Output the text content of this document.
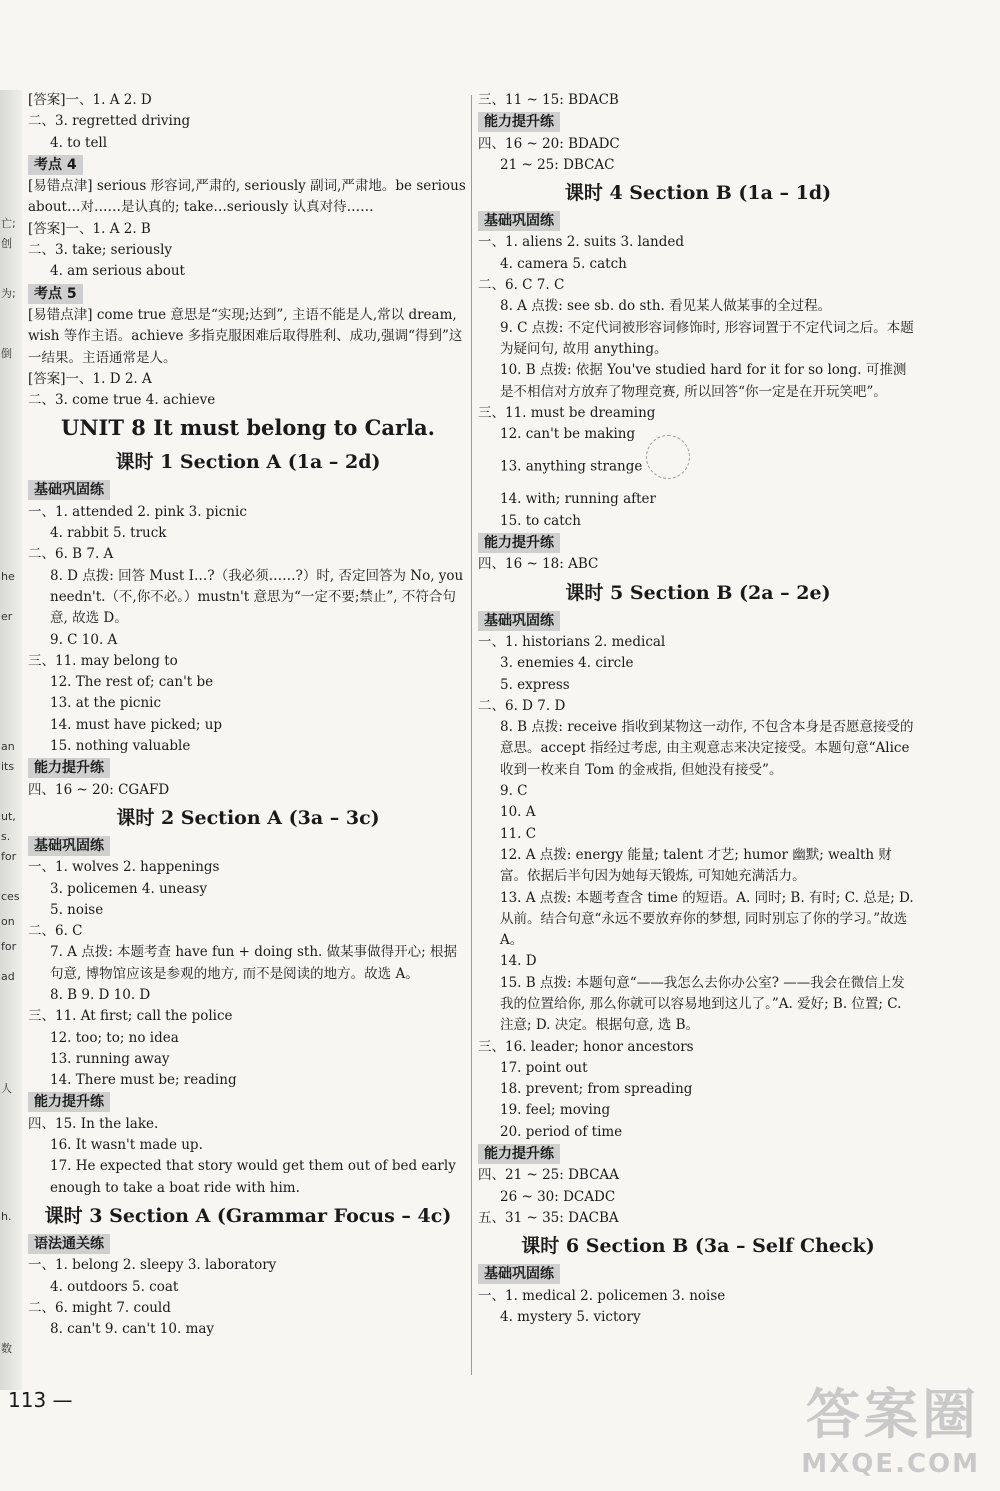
亡;
创
为;
倒
he
er
an
its
ut,
s.
for
ces
on
for
ad
人
h.
数
[答案]一、1. A 2. D
二、3. regretted driving
4. to tell
考点 4
[易错点津] serious 形容词,严肃的, seriously 副词,严肃地。be serious about…对……是认真的; take…seriously 认真对待……
[答案]一、1. A 2. B
二、3. take; seriously
4. am serious about
考点 5
[易错点津] come true 意思是“实现;达到”, 主语不能是人,常以 dream, wish 等作主语。achieve 多指克服困难后取得胜利、成功,强调“得到”这一结果。主语通常是人。
[答案]一、1. D 2. A
二、3. come true 4. achieve
UNIT 8 It must belong to Carla.
课时 1 Section A (1a – 2d)
基础巩固练
一、1. attended 2. pink 3. picnic
4. rabbit 5. truck
二、6. B 7. A
8. D 点拨: 回答 Must I…?（我必须……?）时, 否定回答为 No, you needn't.（不,你不必。）mustn't 意思为“一定不要;禁止”, 不符合句意, 故选 D。
9. C 10. A
三、11. may belong to
12. The rest of; can't be
13. at the picnic
14. must have picked; up
15. nothing valuable
能力提升练
四、16 ~ 20: CGAFD
课时 2 Section A (3a – 3c)
基础巩固练
一、1. wolves 2. happenings
3. policemen 4. uneasy
5. noise
二、6. C
7. A 点拨: 本题考查 have fun + doing sth. 做某事做得开心; 根据句意, 博物馆应该是参观的地方, 而不是阅读的地方。故选 A。
8. B 9. D 10. D
三、11. At first; call the police
12. too; to; no idea
13. running away
14. There must be; reading
能力提升练
四、15. In the lake.
16. It wasn't made up.
17. He expected that story would get them out of bed early enough to take a boat ride with him.
课时 3 Section A (Grammar Focus – 4c)
语法通关练
一、1. belong 2. sleepy 3. laboratory
4. outdoors 5. coat
二、6. might 7. could
8. can't 9. can't 10. may
三、11 ~ 15: BDACB
能力提升练
四、16 ~ 20: BDADC
21 ~ 25: DBCAC
课时 4 Section B (1a – 1d)
基础巩固练
一、1. aliens 2. suits 3. landed
4. camera 5. catch
二、6. C 7. C
8. A 点拨: see sb. do sth. 看见某人做某事的全过程。
9. C 点拨: 不定代词被形容词修饰时, 形容词置于不定代词之后。本题为疑问句, 故用 anything。
10. B 点拨: 依据 You've studied hard for it for so long. 可推测是不相信对方放弃了物理竞赛, 所以回答“你一定是在开玩笑吧”。
三、11. must be dreaming
12. can't be making
13. anything strange
14. with; running after
15. to catch
能力提升练
四、16 ~ 18: ABC
课时 5 Section B (2a – 2e)
基础巩固练
一、1. historians 2. medical
3. enemies 4. circle
5. express
二、6. D 7. D
8. B 点拨: receive 指收到某物这一动作, 不包含本身是否愿意接受的意思。accept 指经过考虑, 由主观意志来决定接受。本题句意“Alice 收到一枚来自 Tom 的金戒指, 但她没有接受”。
9. C
10. A
11. C
12. A 点拨: energy 能量; talent 才艺; humor 幽默; wealth 财富。依据后半句因为她每天锻炼, 可知她充满活力。
13. A 点拨: 本题考查含 time 的短语。A. 同时; B. 有时; C. 总是; D. 从前。结合句意“永远不要放弃你的梦想, 同时别忘了你的学习。”故选 A。
14. D
15. B 点拨: 本题句意“——我怎么去你办公室? ——我会在微信上发我的位置给你, 那么你就可以容易地到这儿了。”A. 爱好; B. 位置; C. 注意; D. 决定。根据句意, 选 B。
三、16. leader; honor ancestors
17. point out
18. prevent; from spreading
19. feel; moving
20. period of time
能力提升练
四、21 ~ 25: DBCAA
26 ~ 30: DCADC
五、31 ~ 35: DACBA
课时 6 Section B (3a – Self Check)
基础巩固练
一、1. medical 2. policemen 3. noise
4. mystery 5. victory
113 —	答案圈
MXQE.COM
